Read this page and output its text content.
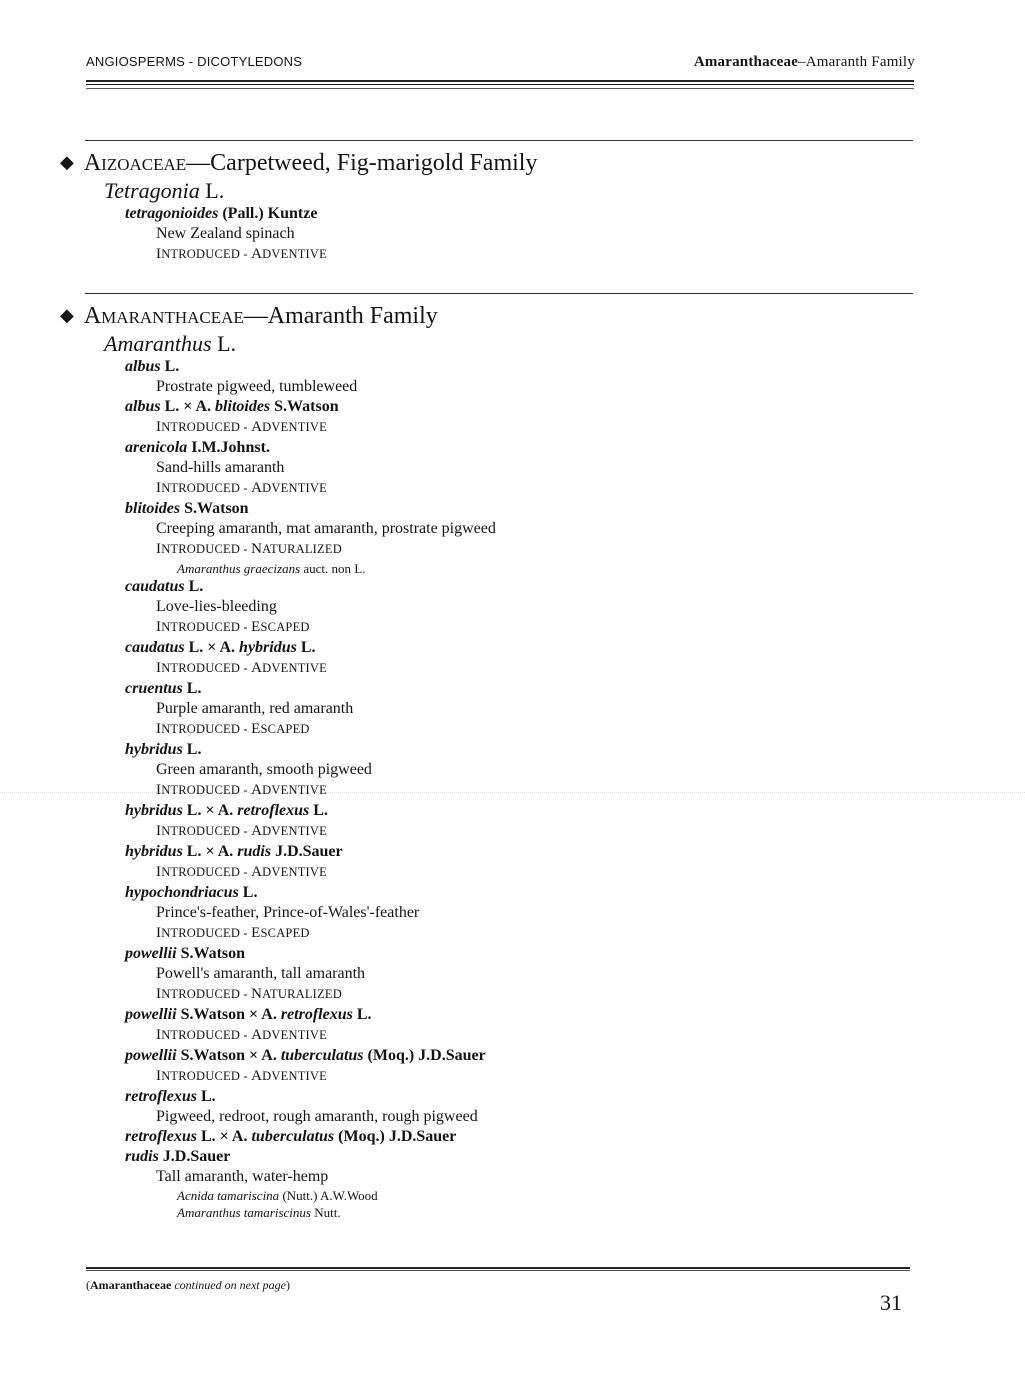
ANGIOSPERMS - DICOTYLEDONS	Amaranthaceae–Amaranth Family
◆ Aizoaceae—Carpetweed, Fig-marigold Family
Tetragonia L.
tetragonioides (Pall.) Kuntze
New Zealand spinach
INTRODUCED - ADVENTIVE
◆ Amaranthaceae—Amaranth Family
Amaranthus L.
albus L.
Prostrate pigweed, tumbleweed
albus L. × A. blitoides S.Watson
INTRODUCED - ADVENTIVE
arenicola I.M.Johnst.
Sand-hills amaranth
INTRODUCED - ADVENTIVE
blitoides S.Watson
Creeping amaranth, mat amaranth, prostrate pigweed
INTRODUCED - NATURALIZED
Amaranthus graecizans auct. non L.
caudatus L.
Love-lies-bleeding
INTRODUCED - ESCAPED
caudatus L. × A. hybridus L.
INTRODUCED - ADVENTIVE
cruentus L.
Purple amaranth, red amaranth
INTRODUCED - ESCAPED
hybridus L.
Green amaranth, smooth pigweed
INTRODUCED - ADVENTIVE
hybridus L. × A. retroflexus L.
INTRODUCED - ADVENTIVE
hybridus L. × A. rudis J.D.Sauer
INTRODUCED - ADVENTIVE
hypochondriacus L.
Prince's-feather, Prince-of-Wales'-feather
INTRODUCED - ESCAPED
powellii S.Watson
Powell's amaranth, tall amaranth
INTRODUCED - NATURALIZED
powellii S.Watson × A. retroflexus L.
INTRODUCED - ADVENTIVE
powellii S.Watson × A. tuberculatus (Moq.) J.D.Sauer
INTRODUCED - ADVENTIVE
retroflexus L.
Pigweed, redroot, rough amaranth, rough pigweed
retroflexus L. × A. tuberculatus (Moq.) J.D.Sauer
rudis J.D.Sauer
Tall amaranth, water-hemp
Acnida tamariscina (Nutt.) A.W.Wood
Amaranthus tamariscinus Nutt.
(Amaranthaceae continued on next page)
31
